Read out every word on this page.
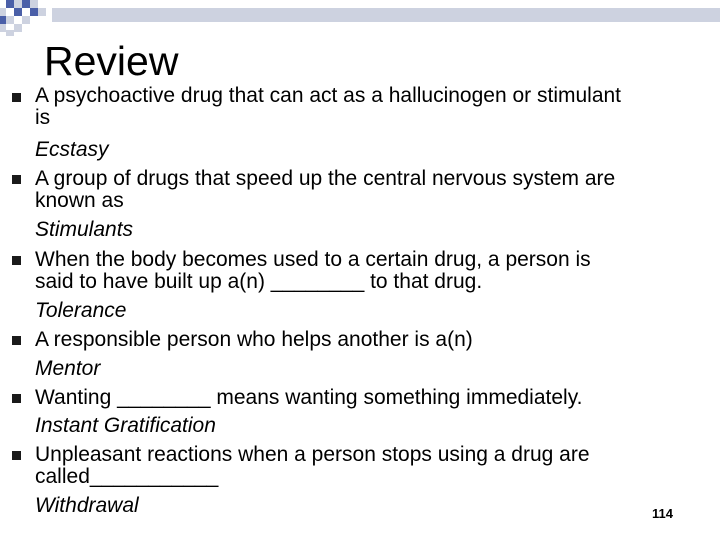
Review
A psychoactive drug that can act as a hallucinogen or stimulant
is
Ecstasy
A group of drugs that speed up the central nervous system are
known as
Stimulants
When the body becomes used to a certain drug, a person is
said to have built up a(n) ________ to that drug.
Tolerance
A responsible person who helps another is a(n)
Mentor
Wanting ________ means wanting something immediately.
Instant Gratification
Unpleasant reactions when a person stops using a drug are
called___________
Withdrawal	114
